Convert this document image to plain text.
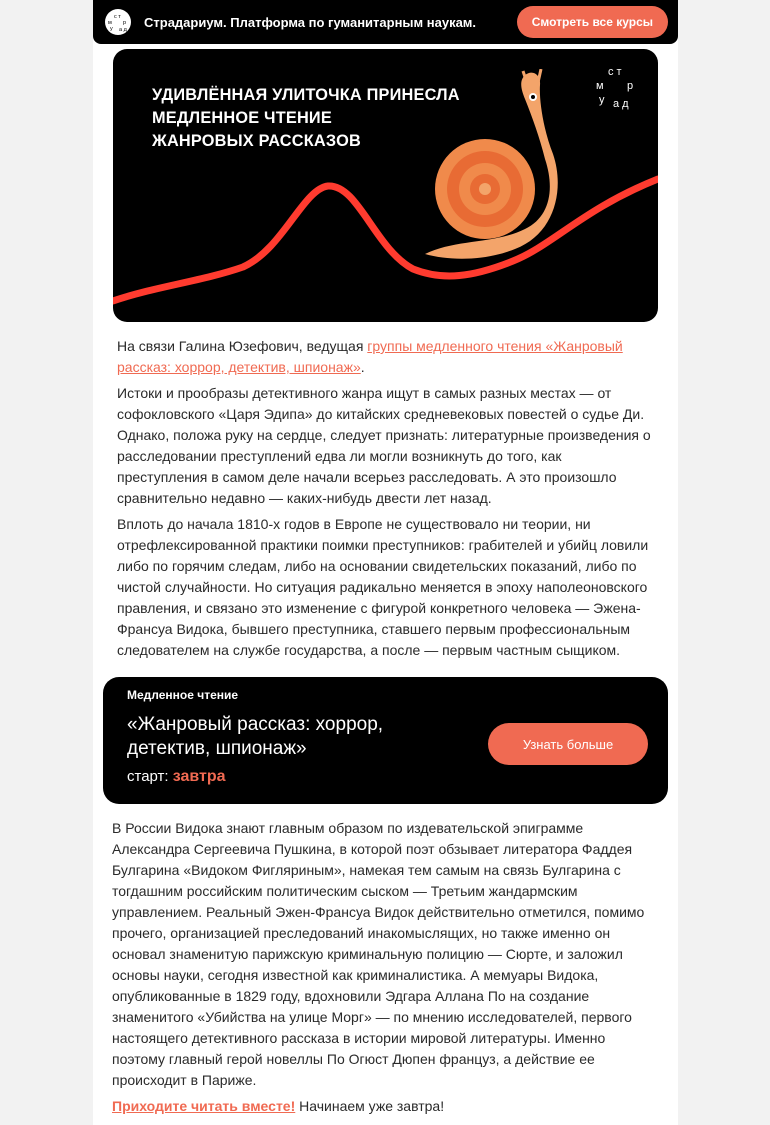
с т
м р
у а д
Страдариум. Платформа по гуманитарным наукам.	Смотреть все курсы
УДИВЛЁННАЯ УЛИТОЧКА ПРИНЕСЛА
МЕДЛЕННОЕ ЧТЕНИЕ
ЖАНРОВЫХ РАССКАЗОВ
с т
м р
у а д
На связи Галина Юзефович, ведущая группы медленного чтения «Жанровый рассказ: хоррор, детектив, шпионаж».
Истоки и прообразы детективного жанра ищут в самых разных местах — от софокловского «Царя Эдипа» до китайских средневековых повестей о судье Ди. Однако, положа руку на сердце, следует признать: литературные произведения о расследовании преступлений едва ли могли возникнуть до того, как преступления в самом деле начали всерьез расследовать. А это произошло сравнительно недавно — каких-нибудь двести лет назад.
Вплоть до начала 1810-х годов в Европе не существовало ни теории, ни отрефлексированной практики поимки преступников: грабителей и убийц ловили либо по горячим следам, либо на основании свидетельских показаний, либо по чистой случайности. Но ситуация радикально меняется в эпоху наполеоновского правления, и связано это изменение с фигурой конкретного человека — Эжена-Франсуа Видока, бывшего преступника, ставшего первым профессиональным следователем на службе государства, а после — первым частным сыщиком.
Медленное чтение
«Жанровый рассказ: хоррор, детектив, шпионаж»
старт: завтра
Узнать больше
В России Видока знают главным образом по издевательской эпиграмме Александра Сергеевича Пушкина, в которой поэт обзывает литератора Фаддея Булгарина «Видоком Фигляриным», намекая тем самым на связь Булгарина с тогдашним российским политическим сыском — Третьим жандармским управлением. Реальный Эжен-Франсуа Видок действительно отметился, помимо прочего, организацией преследований инакомыслящих, но также именно он основал знаменитую парижскую криминальную полицию — Сюрте, и заложил основы науки, сегодня известной как криминалистика. А мемуары Видока, опубликованные в 1829 году, вдохновили Эдгара Аллана По на создание знаменитого «Убийства на улице Морг» — по мнению исследователей, первого настоящего детективного рассказа в истории мировой литературы. Именно поэтому главный герой новеллы По Огюст Дюпен француз, а действие ее происходит в Париже.
Приходите читать вместе! Начинаем уже завтра!
